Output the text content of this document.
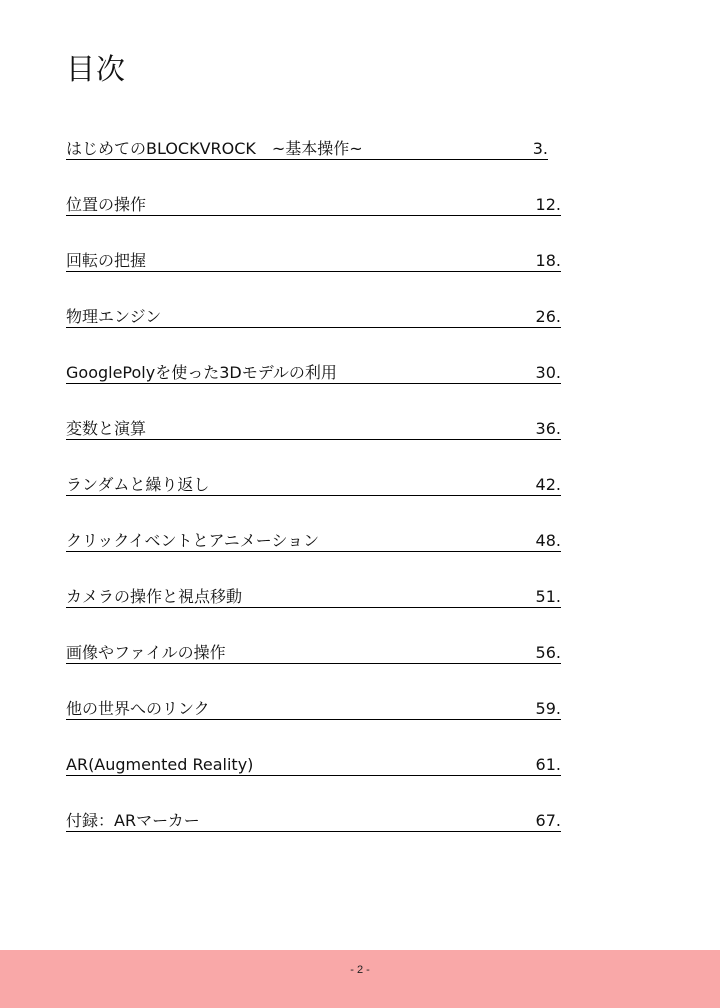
目次
はじめてのBLOCKVROCK　~基本操作~	3.
位置の操作	12.
回転の把握	18.
物理エンジン	26.
GooglePolyを使った3Dモデルの利用	30.
変数と演算	36.
ランダムと繰り返し	42.
クリックイベントとアニメーション	48.
カメラの操作と視点移動	51.
画像やファイルの操作	56.
他の世界へのリンク	59.
AR(Augmented Reality)	61.
付録：ARマーカー	67.
- 2 -
